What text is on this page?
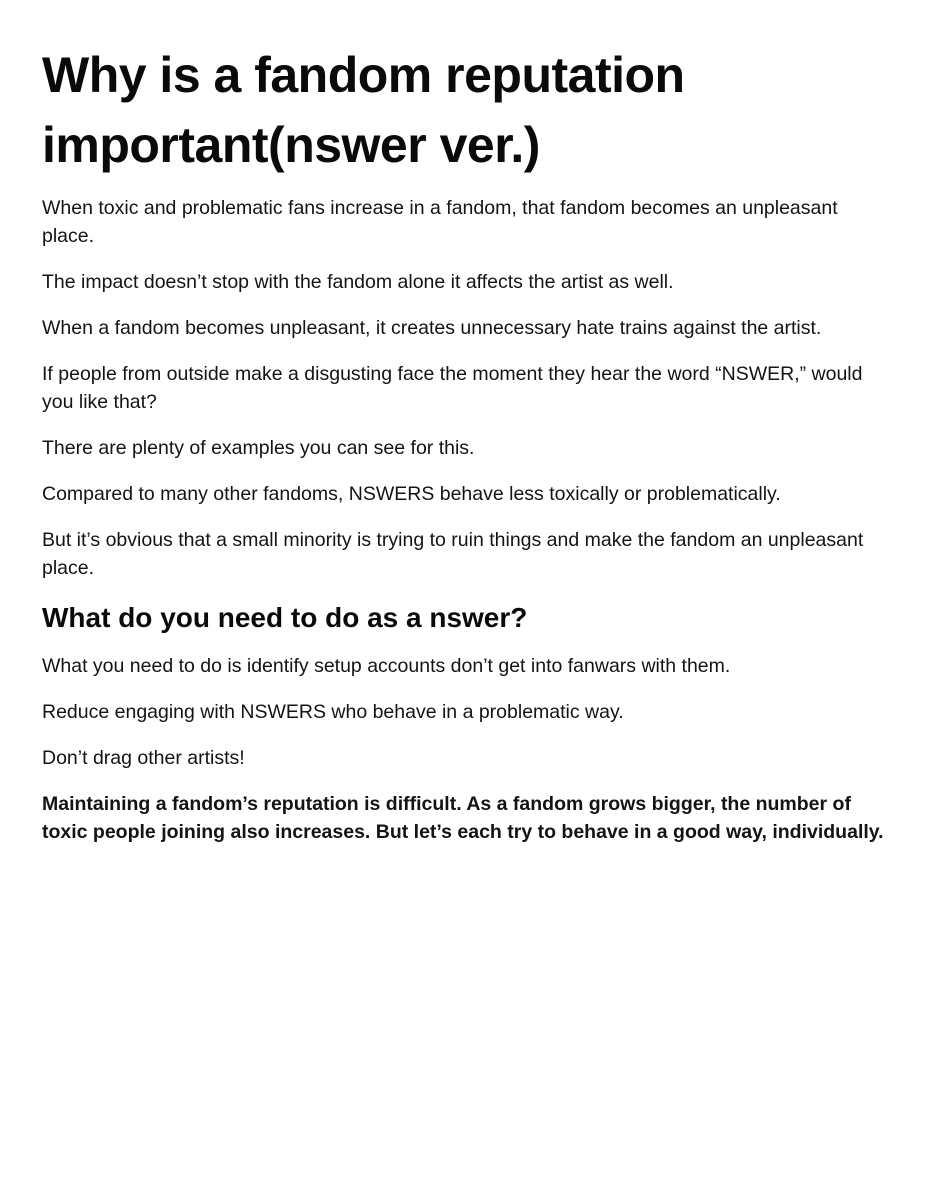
Why is a fandom reputation important(nswer ver.)

When toxic and problematic fans increase in a fandom, that fandom becomes an unpleasant place.

The impact doesn’t stop with the fandom alone it affects the artist as well.

When a fandom becomes unpleasant, it creates unnecessary hate trains against the artist.

If people from outside make a disgusting face the moment they hear the word “NSWER,” would you like that?

There are plenty of examples you can see for this.

Compared to many other fandoms, NSWERS behave less toxically or problematically.

But it’s obvious that a small minority is trying to ruin things and make the fandom an unpleasant place.

What do you need to do as a nswer?

What you need to do is identify setup accounts don’t get into fanwars with them.

Reduce engaging with NSWERS who behave in a problematic way.

Don’t drag other artists!

Maintaining a fandom’s reputation is difficult. As a fandom grows bigger, the number of toxic people joining also increases. But let’s each try to behave in a good way, individually.
